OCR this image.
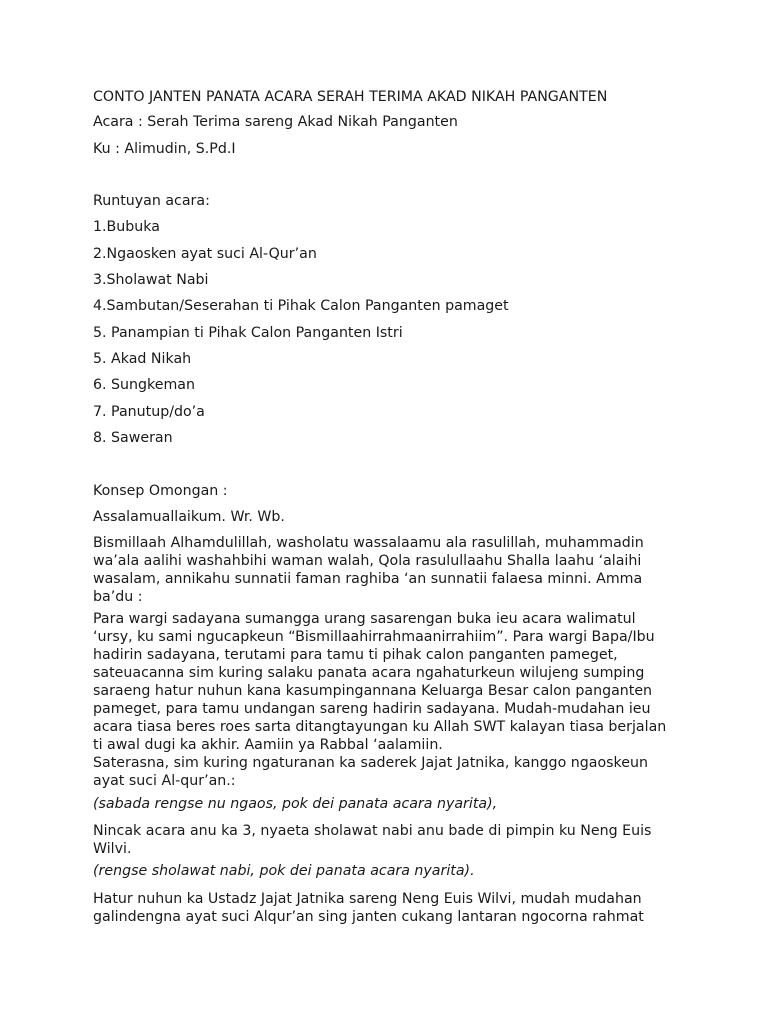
CONTO JANTEN PANATA ACARA SERAH TERIMA AKAD NIKAH PANGANTEN
Acara : Serah Terima sareng Akad Nikah Panganten
Ku : Alimudin, S.Pd.I
Runtuyan acara:
1.Bubuka
2.Ngaosken ayat suci Al-Qur’an
3.Sholawat Nabi
4.Sambutan/Seserahan ti Pihak Calon Panganten pamaget
5. Panampian ti Pihak Calon Panganten Istri
5. Akad Nikah
6. Sungkeman
7. Panutup/do’a
8. Saweran
Konsep Omongan :
Assalamuallaikum. Wr. Wb.
Bismillaah Alhamdulillah, washolatu wassalaamu ala rasulillah, muhammadin
wa’ala aalihi washahbihi waman walah, Qola rasulullaahu Shalla laahu ‘alaihi
wasalam, annikahu sunnatii faman raghiba ‘an sunnatii falaesa minni. Amma
ba’du :
Para wargi sadayana sumangga urang sasarengan buka ieu acara walimatul
‘ursy, ku sami ngucapkeun “Bismillaahirrahmaanirrahiim”. Para wargi Bapa/Ibu
hadirin sadayana, terutami para tamu ti pihak calon panganten pameget,
sateuacanna sim kuring salaku panata acara ngahaturkeun wilujeng sumping
saraeng hatur nuhun kana kasumpingannana Keluarga Besar calon panganten
pameget, para tamu undangan sareng hadirin sadayana. Mudah-mudahan ieu
acara tiasa beres roes sarta ditangtayungan ku Allah SWT kalayan tiasa berjalan
ti awal dugi ka akhir. Aamiin ya Rabbal ‘aalamiin.
Saterasna, sim kuring ngaturanan ka saderek Jajat Jatnika, kanggo ngaoskeun
ayat suci Al-qur’an.:
(sabada rengse nu ngaos, pok dei panata acara nyarita),
Nincak acara anu ka 3, nyaeta sholawat nabi anu bade di pimpin ku Neng Euis
Wilvi.
(rengse sholawat nabi, pok dei panata acara nyarita).
Hatur nuhun ka Ustadz Jajat Jatnika sareng Neng Euis Wilvi, mudah mudahan
galindengna ayat suci Alqur’an sing janten cukang lantaran ngocorna rahmat
